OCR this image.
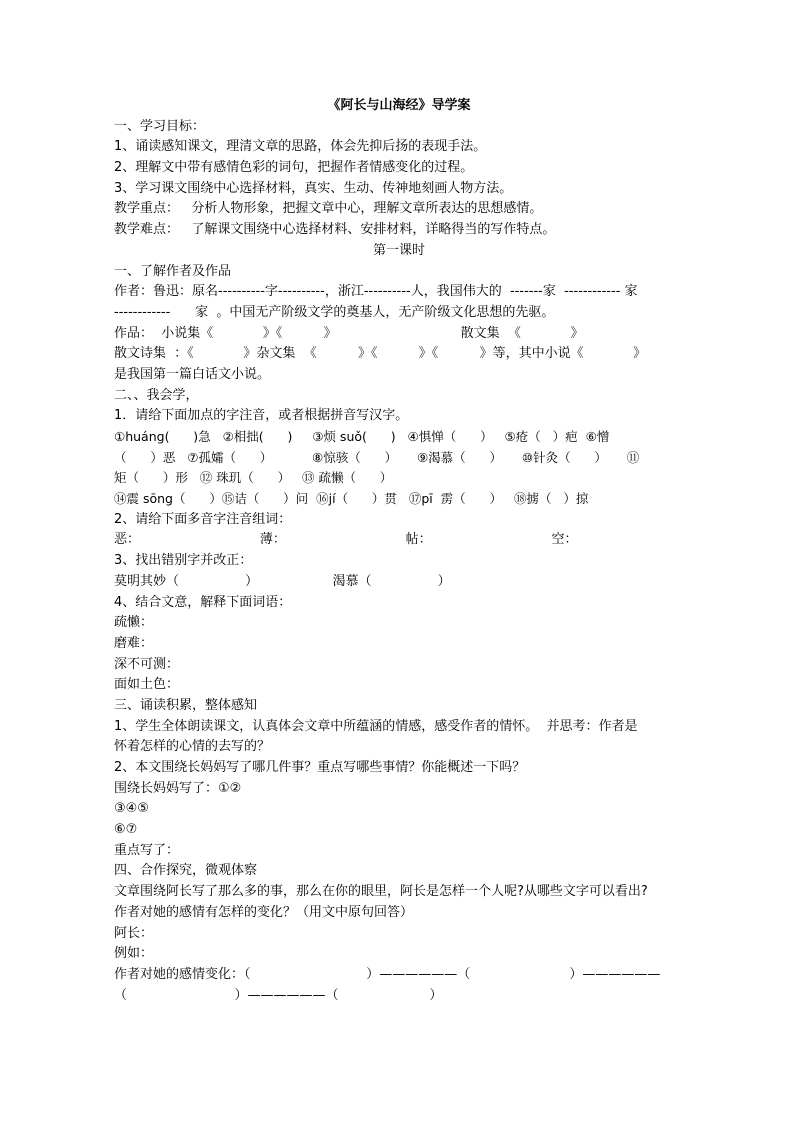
《阿长与山海经》导学案
一、学习目标：
1、诵读感知课文，理清文章的思路，体会先抑后扬的表现手法。
2、理解文中带有感情色彩的词句，把握作者情感变化的过程。
3、学习课文围绕中心选择材料，真实、生动、传神地刻画人物方法。
教学重点：   分析人物形象，把握文章中心，理解文章所表达的思想感情。
教学难点：   了解课文围绕中心选择材料、安排材料，详略得当的写作特点。
第一课时
一、了解作者及作品
作者：鲁迅：原名----------字----------，浙江----------人，我国伟大的  -------家  ------------ 家
------------      家  。中国无产阶级文学的奠基人，无产阶级文化思想的先驱。
作品：  小说集《            》《          》                              散文集  《            》
散文诗集  ：《            》杂文集  《          》《          》《          》等，其中小说《            》
是我国第一篇白话文小说。
二、、我会学，
1．请给下面加点的字注音，或者根据拼音写汉字。
①huáng(      )急   ②相拙(      )     ③烦 suǒ(      )   ④惧惮（      ）   ⑤疮（   ）疤  ⑥憎
（      ）恶   ⑦孤孀（      ）          ⑧惊骇（      ）     ⑨渴慕（      ）     ⑩针灸（      ）     ⑪
矩（      ）形   ⑫ 珠玑（      ）   ⑬ 疏懒（      ）
⑭震 sōng（      ）⑮诘（      ）问  ⑯jí（      ）贯   ⑰pī  雳（      ）   ⑱掳（   ）掠
2、请给下面多音字注音组词：
恶：                             薄：                             帖：                             空：
3、找出错别字并改正：
莫明其妙（                ）                  渴慕（                ）
4、结合文意，解释下面词语：
疏懒：
磨难：
深不可测：
面如土色：
三、诵读积累，整体感知
1、学生全体朗读课文，认真体会文章中所蕴涵的情感，感受作者的情怀。  并思考：作者是
怀着怎样的心情的去写的？
2、本文围绕长妈妈写了哪几件事？重点写哪些事情？你能概述一下吗？
围绕长妈妈写了：①②
③④⑤
⑥⑦
重点写了：
四、合作探究，微观体察
文章围绕阿长写了那么多的事，那么在你的眼里，阿长是怎样一个人呢?从哪些文字可以看出?
作者对她的感情有怎样的变化？（用文中原句回答）
阿长：
例如：
作者对她的感情变化：（                            ）——————（                        ）——————
（                          ）——————（                      ）
